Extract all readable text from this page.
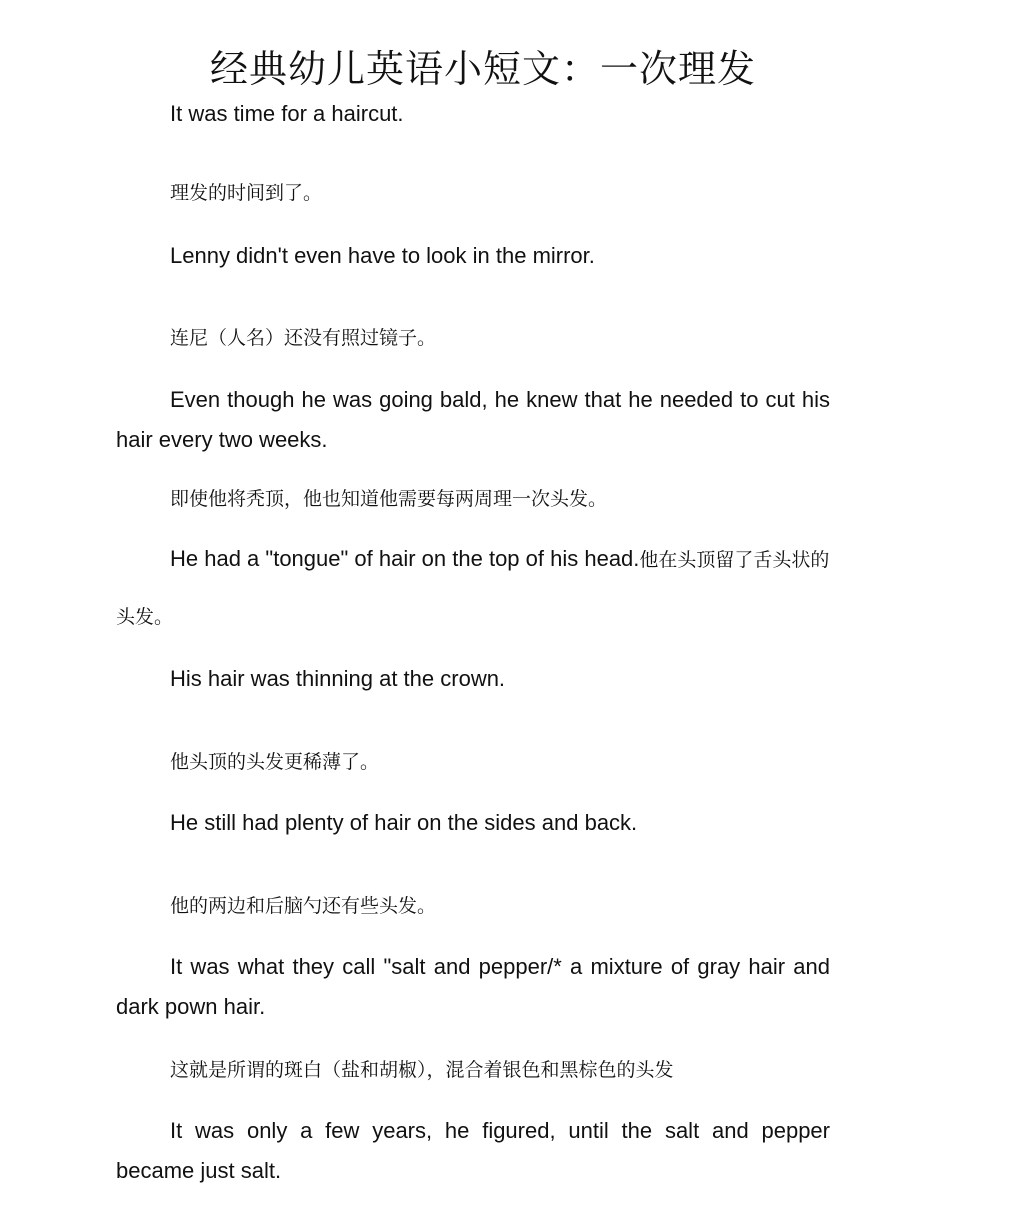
经典幼儿英语小短文：一次理发

It was time for a haircut.

理发的时间到了。

Lenny didn't even have to look in the mirror.

连尼（人名）还没有照过镜子。

Even though he was going bald, he knew that he needed to cut his hair every two weeks.

即使他将秃顶，他也知道他需要每两周理一次头发。

He had a "tongue" of hair on the top of his head.他在头顶留了舌头状的头发。

His hair was thinning at the crown.

他头顶的头发更稀薄了。

He still had plenty of hair on the sides and back.

他的两边和后脑勺还有些头发。

It was what they call "salt and pepper/* a mixture of gray hair and dark pown hair.

这就是所谓的斑白（盐和胡椒），混合着银色和黑棕色的头发

It was only a few years, he figured, until the salt and pepper became just salt.
